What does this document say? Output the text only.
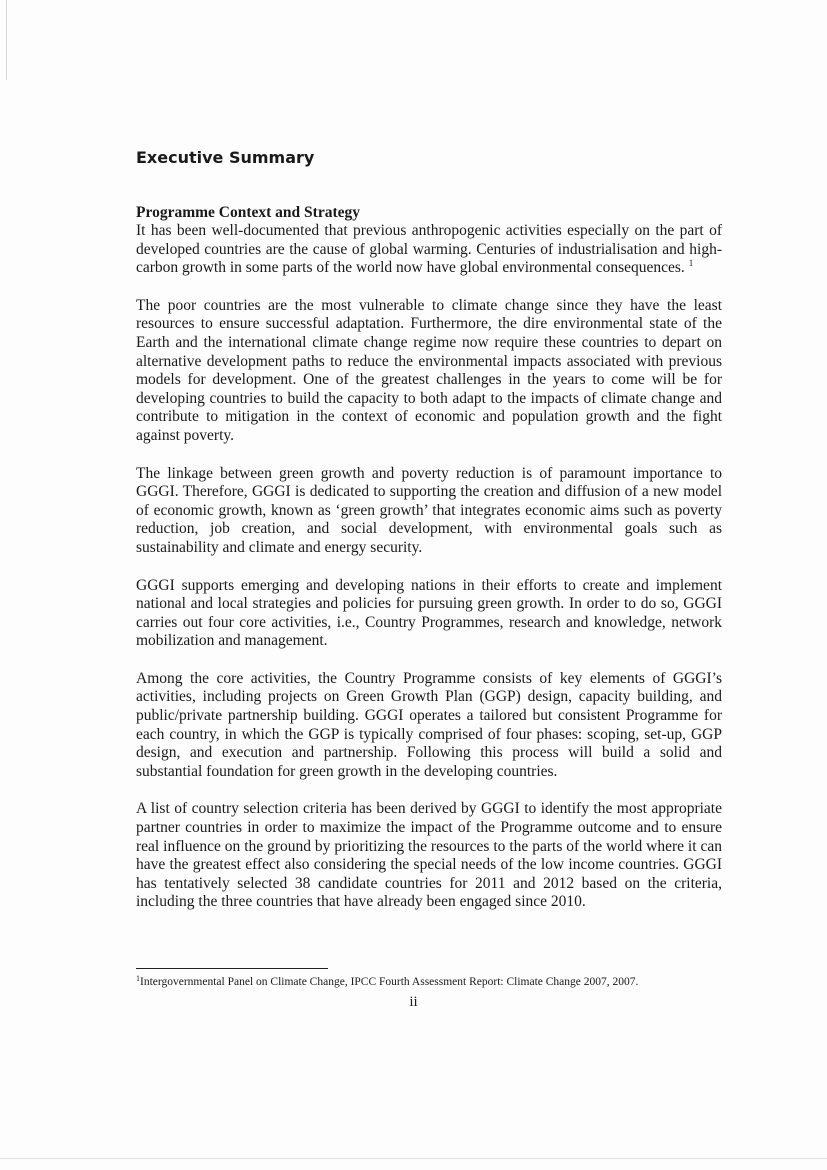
Executive Summary
Programme Context and Strategy

It has been well-documented that previous anthropogenic activities especially on the part of developed countries are the cause of global warming. Centuries of industrialisation and high-carbon growth in some parts of the world now have global environmental consequences. $^1$

The poor countries are the most vulnerable to climate change since they have the least resources to ensure successful adaptation. Furthermore, the dire environmental state of the Earth and the international climate change regime now require these countries to depart on alternative development paths to reduce the environmental impacts associated with previous models for development. One of the greatest challenges in the years to come will be for developing countries to build the capacity to both adapt to the impacts of climate change and contribute to mitigation in the context of economic and population growth and the fight against poverty.

The linkage between green growth and poverty reduction is of paramount importance to GGGI. Therefore, GGGI is dedicated to supporting the creation and diffusion of a new model of economic growth, known as ‘green growth’ that integrates economic aims such as poverty reduction, job creation, and social development, with environmental goals such as sustainability and climate and energy security.

GGGI supports emerging and developing nations in their efforts to create and implement national and local strategies and policies for pursuing green growth. In order to do so, GGGI carries out four core activities, i.e., Country Programmes, research and knowledge, network mobilization and management.

Among the core activities, the Country Programme consists of key elements of GGGI’s activities, including projects on Green Growth Plan (GGP) design, capacity building, and public/private partnership building. GGGI operates a tailored but consistent Programme for each country, in which the GGP is typically comprised of four phases: scoping, set-up, GGP design, and execution and partnership. Following this process will build a solid and substantial foundation for green growth in the developing countries.

A list of country selection criteria has been derived by GGGI to identify the most appropriate partner countries in order to maximize the impact of the Programme outcome and to ensure real influence on the ground by prioritizing the resources to the parts of the world where it can have the greatest effect also considering the special needs of the low income countries. GGGI has tentatively selected 38 candidate countries for 2011 and 2012 based on the criteria, including the three countries that have already been engaged since 2010.

$^1$Intergovernmental Panel on Climate Change, IPCC Fourth Assessment Report: Climate Change 2007, 2007.
ii
